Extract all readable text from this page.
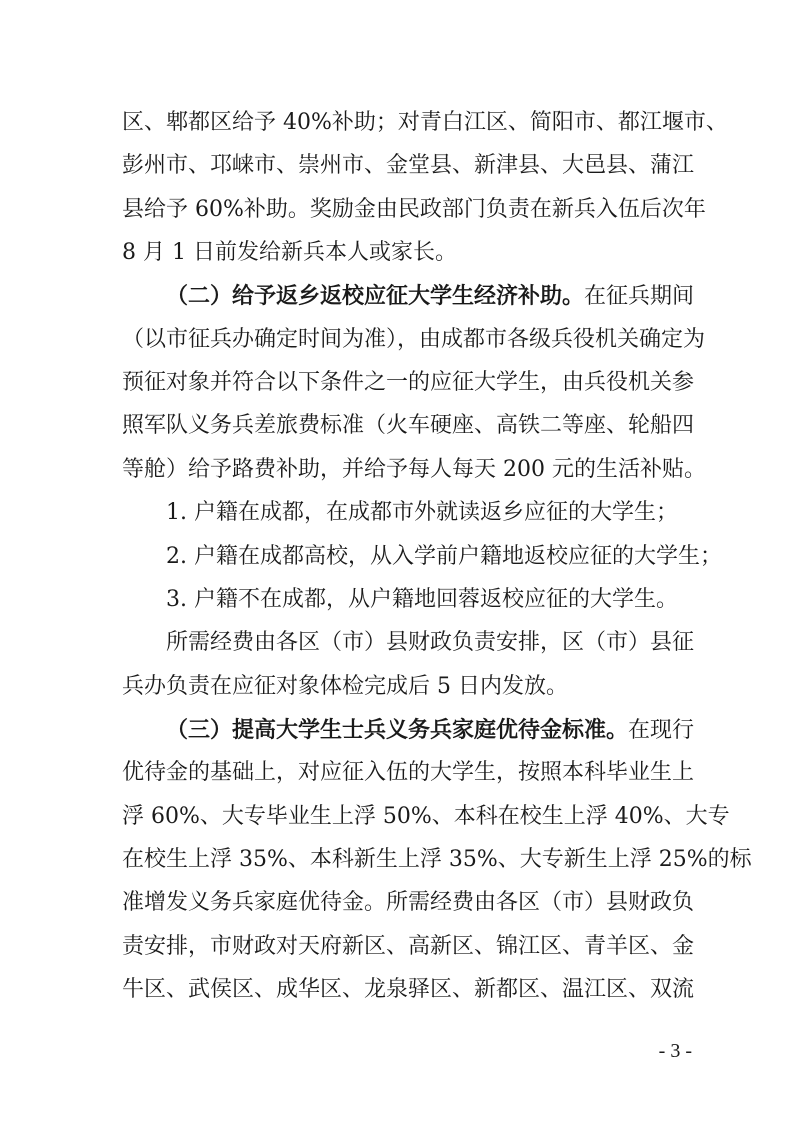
区、郫都区给予 40%补助；对青白江区、简阳市、都江堰市、
彭州市、邛崃市、崇州市、金堂县、新津县、大邑县、蒲江
县给予 60%补助。奖励金由民政部门负责在新兵入伍后次年
8 月 1 日前发给新兵本人或家长。
（二）给予返乡返校应征大学生经济补助。在征兵期间
（以市征兵办确定时间为准），由成都市各级兵役机关确定为
预征对象并符合以下条件之一的应征大学生，由兵役机关参
照军队义务兵差旅费标准（火车硬座、高铁二等座、轮船四
等舱）给予路费补助，并给予每人每天 200 元的生活补贴。
1. 户籍在成都，在成都市外就读返乡应征的大学生；
2. 户籍在成都高校，从入学前户籍地返校应征的大学生；
3. 户籍不在成都，从户籍地回蓉返校应征的大学生。
所需经费由各区（市）县财政负责安排，区（市）县征
兵办负责在应征对象体检完成后 5 日内发放。
（三）提高大学生士兵义务兵家庭优待金标准。在现行
优待金的基础上，对应征入伍的大学生，按照本科毕业生上
浮 60%、大专毕业生上浮 50%、本科在校生上浮 40%、大专
在校生上浮 35%、本科新生上浮 35%、大专新生上浮 25%的标
准增发义务兵家庭优待金。所需经费由各区（市）县财政负
责安排，市财政对天府新区、高新区、锦江区、青羊区、金
牛区、武侯区、成华区、龙泉驿区、新都区、温江区、双流
- 3 -
